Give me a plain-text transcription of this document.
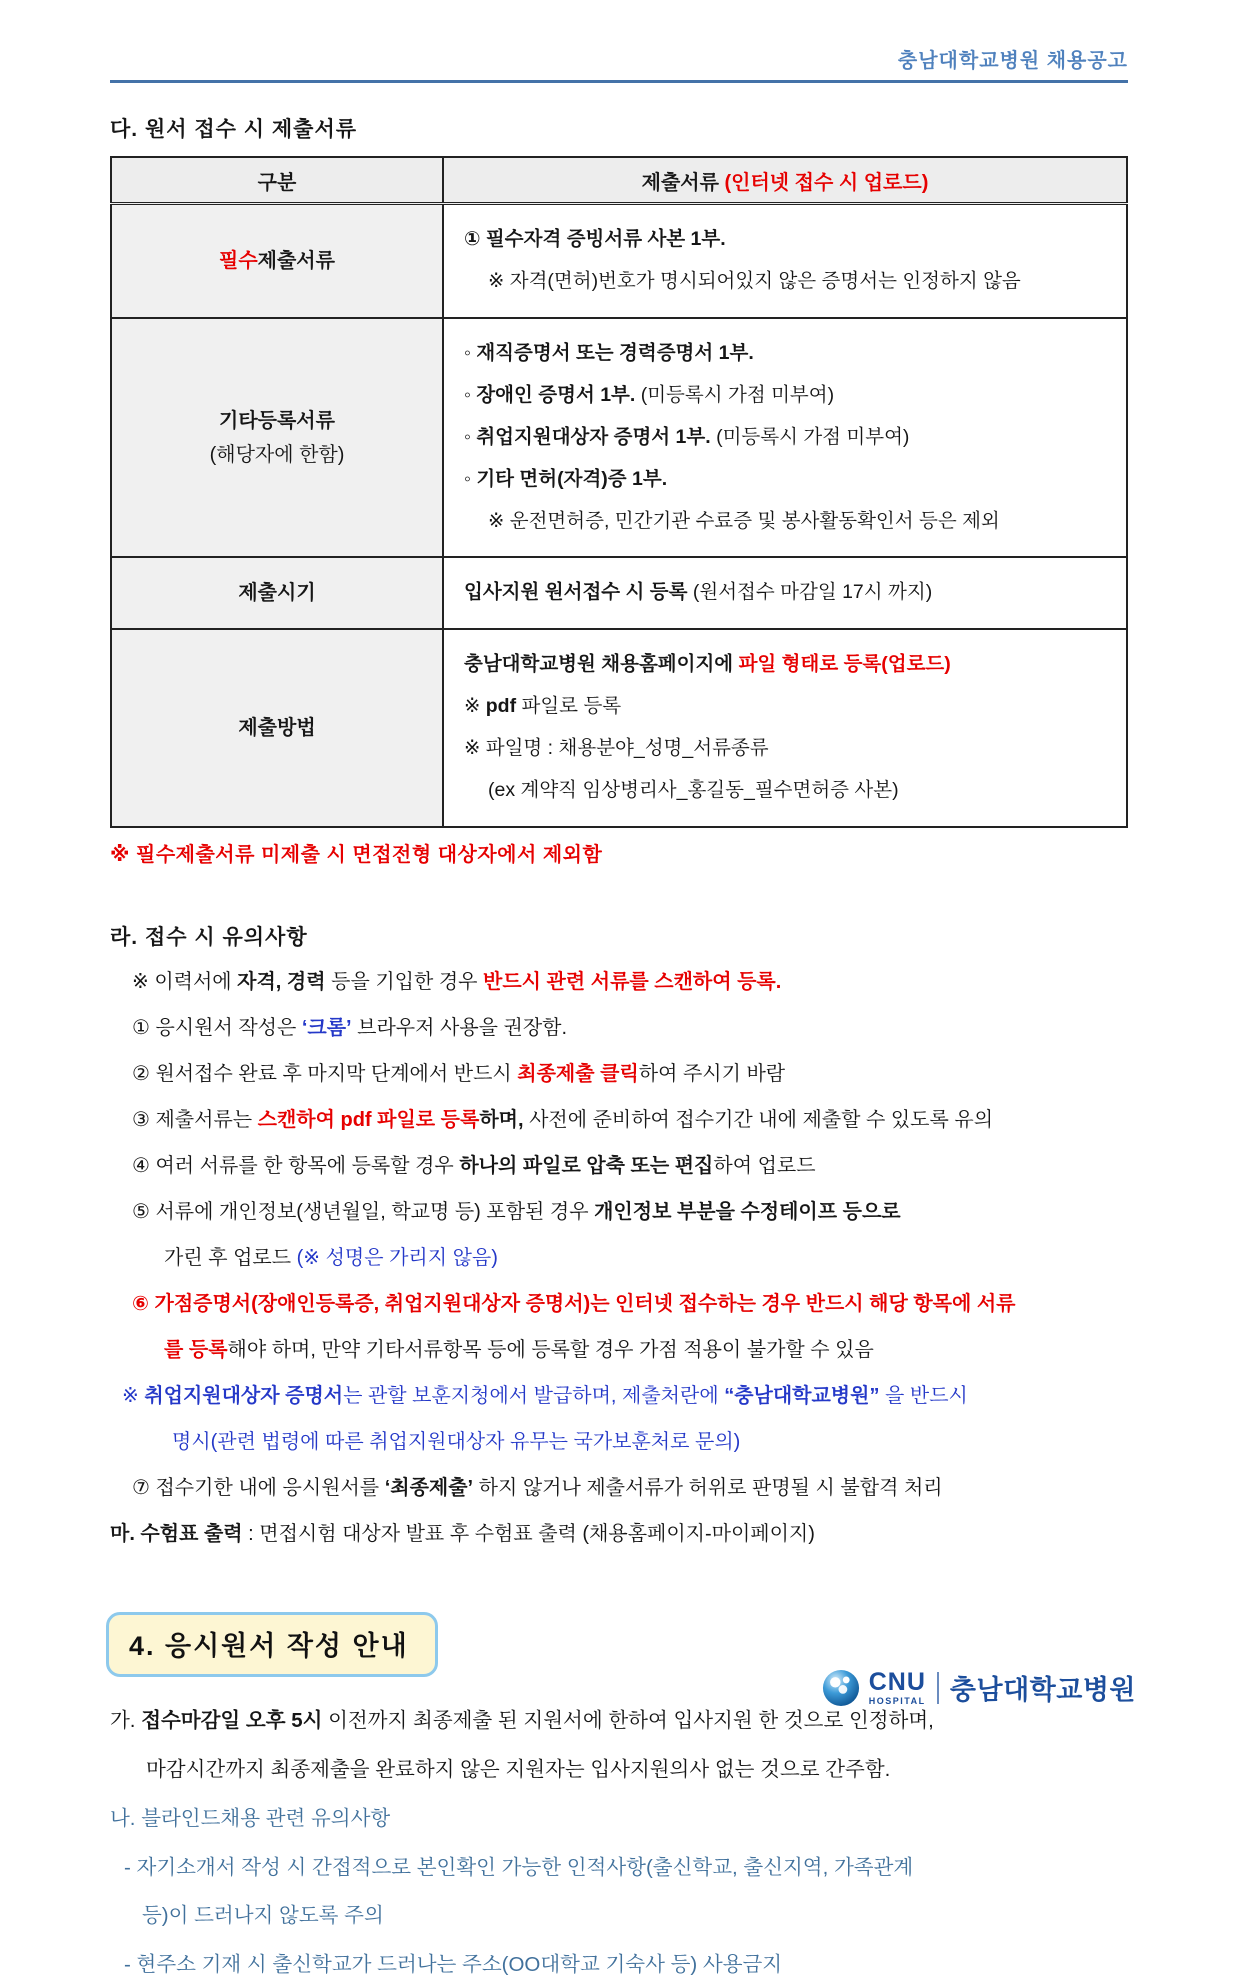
충남대학교병원 채용공고
다. 원서 접수 시 제출서류
구분	제출서류 (인터넷 접수 시 업로드)

필수제출서류	① 필수자격 증빙서류 사본 1부.
※ 자격(면허)번호가 명시되어있지 않은 증명서는 인정하지 않음

기타등록서류
(해당자에 한함)

◦ 재직증명서 또는 경력증명서 1부.
◦ 장애인 증명서 1부. (미등록시 가점 미부여)
◦ 취업지원대상자 증명서 1부. (미등록시 가점 미부여)
◦ 기타 면허(자격)증 1부.
※ 운전면허증, 민간기관 수료증 및 봉사활동확인서 등은 제외

제출시기	입사지원 원서접수 시 등록 (원서접수 마감일 17시 까지)

제출방법	충남대학교병원 채용홈페이지에 파일 형태로 등록(업로드)
※ pdf 파일로 등록
※ 파일명 : 채용분야_성명_서류종류
(ex 계약직 임상병리사_홍길동_필수면허증 사본)
※ 필수제출서류 미제출 시 면접전형 대상자에서 제외함
라. 접수 시 유의사항
※ 이력서에 자격, 경력 등을 기입한 경우 반드시 관련 서류를 스캔하여 등록.
① 응시원서 작성은 ‘크롬’ 브라우저 사용을 권장함.
② 원서접수 완료 후 마지막 단계에서 반드시 최종제출 클릭하여 주시기 바람
③ 제출서류는 스캔하여 pdf 파일로 등록하며, 사전에 준비하여 접수기간 내에 제출할 수 있도록 유의
④ 여러 서류를 한 항목에 등록할 경우 하나의 파일로 압축 또는 편집하여 업로드
⑤ 서류에 개인정보(생년월일, 학교명 등) 포함된 경우 개인정보 부분을 수정테이프 등으로
가린 후 업로드 (※ 성명은 가리지 않음)
⑥ 가점증명서(장애인등록증, 취업지원대상자 증명서)는 인터넷 접수하는 경우 반드시 해당 항목에 서류
를 등록해야 하며, 만약 기타서류항목 등에 등록할 경우 가점 적용이 불가할 수 있음
※ 취업지원대상자 증명서는 관할 보훈지청에서 발급하며, 제출처란에 “충남대학교병원” 을 반드시
명시(관련 법령에 따른 취업지원대상자 유무는 국가보훈처로 문의)
⑦ 접수기한 내에 응시원서를 ‘최종제출’ 하지 않거나 제출서류가 허위로 판명될 시 불합격 처리
마. 수험표 출력 : 면접시험 대상자 발표 후 수험표 출력 (채용홈페이지-마이페이지)
4. 응시원서 작성 안내
가. 접수마감일 오후 5시 이전까지 최종제출 된 지원서에 한하여 입사지원 한 것으로 인정하며,
마감시간까지 최종제출을 완료하지 않은 지원자는 입사지원의사 없는 것으로 간주함.
나. 블라인드채용 관련 유의사항
- 자기소개서 작성 시 간접적으로 본인확인 가능한 인적사항(출신학교, 출신지역, 가족관계
등)이 드러나지 않도록 주의
- 현주소 기재 시 출신학교가 드러나는 주소(OO대학교 기숙사 등) 사용금지
CNU
HOSPITAL 충남대학교병원
